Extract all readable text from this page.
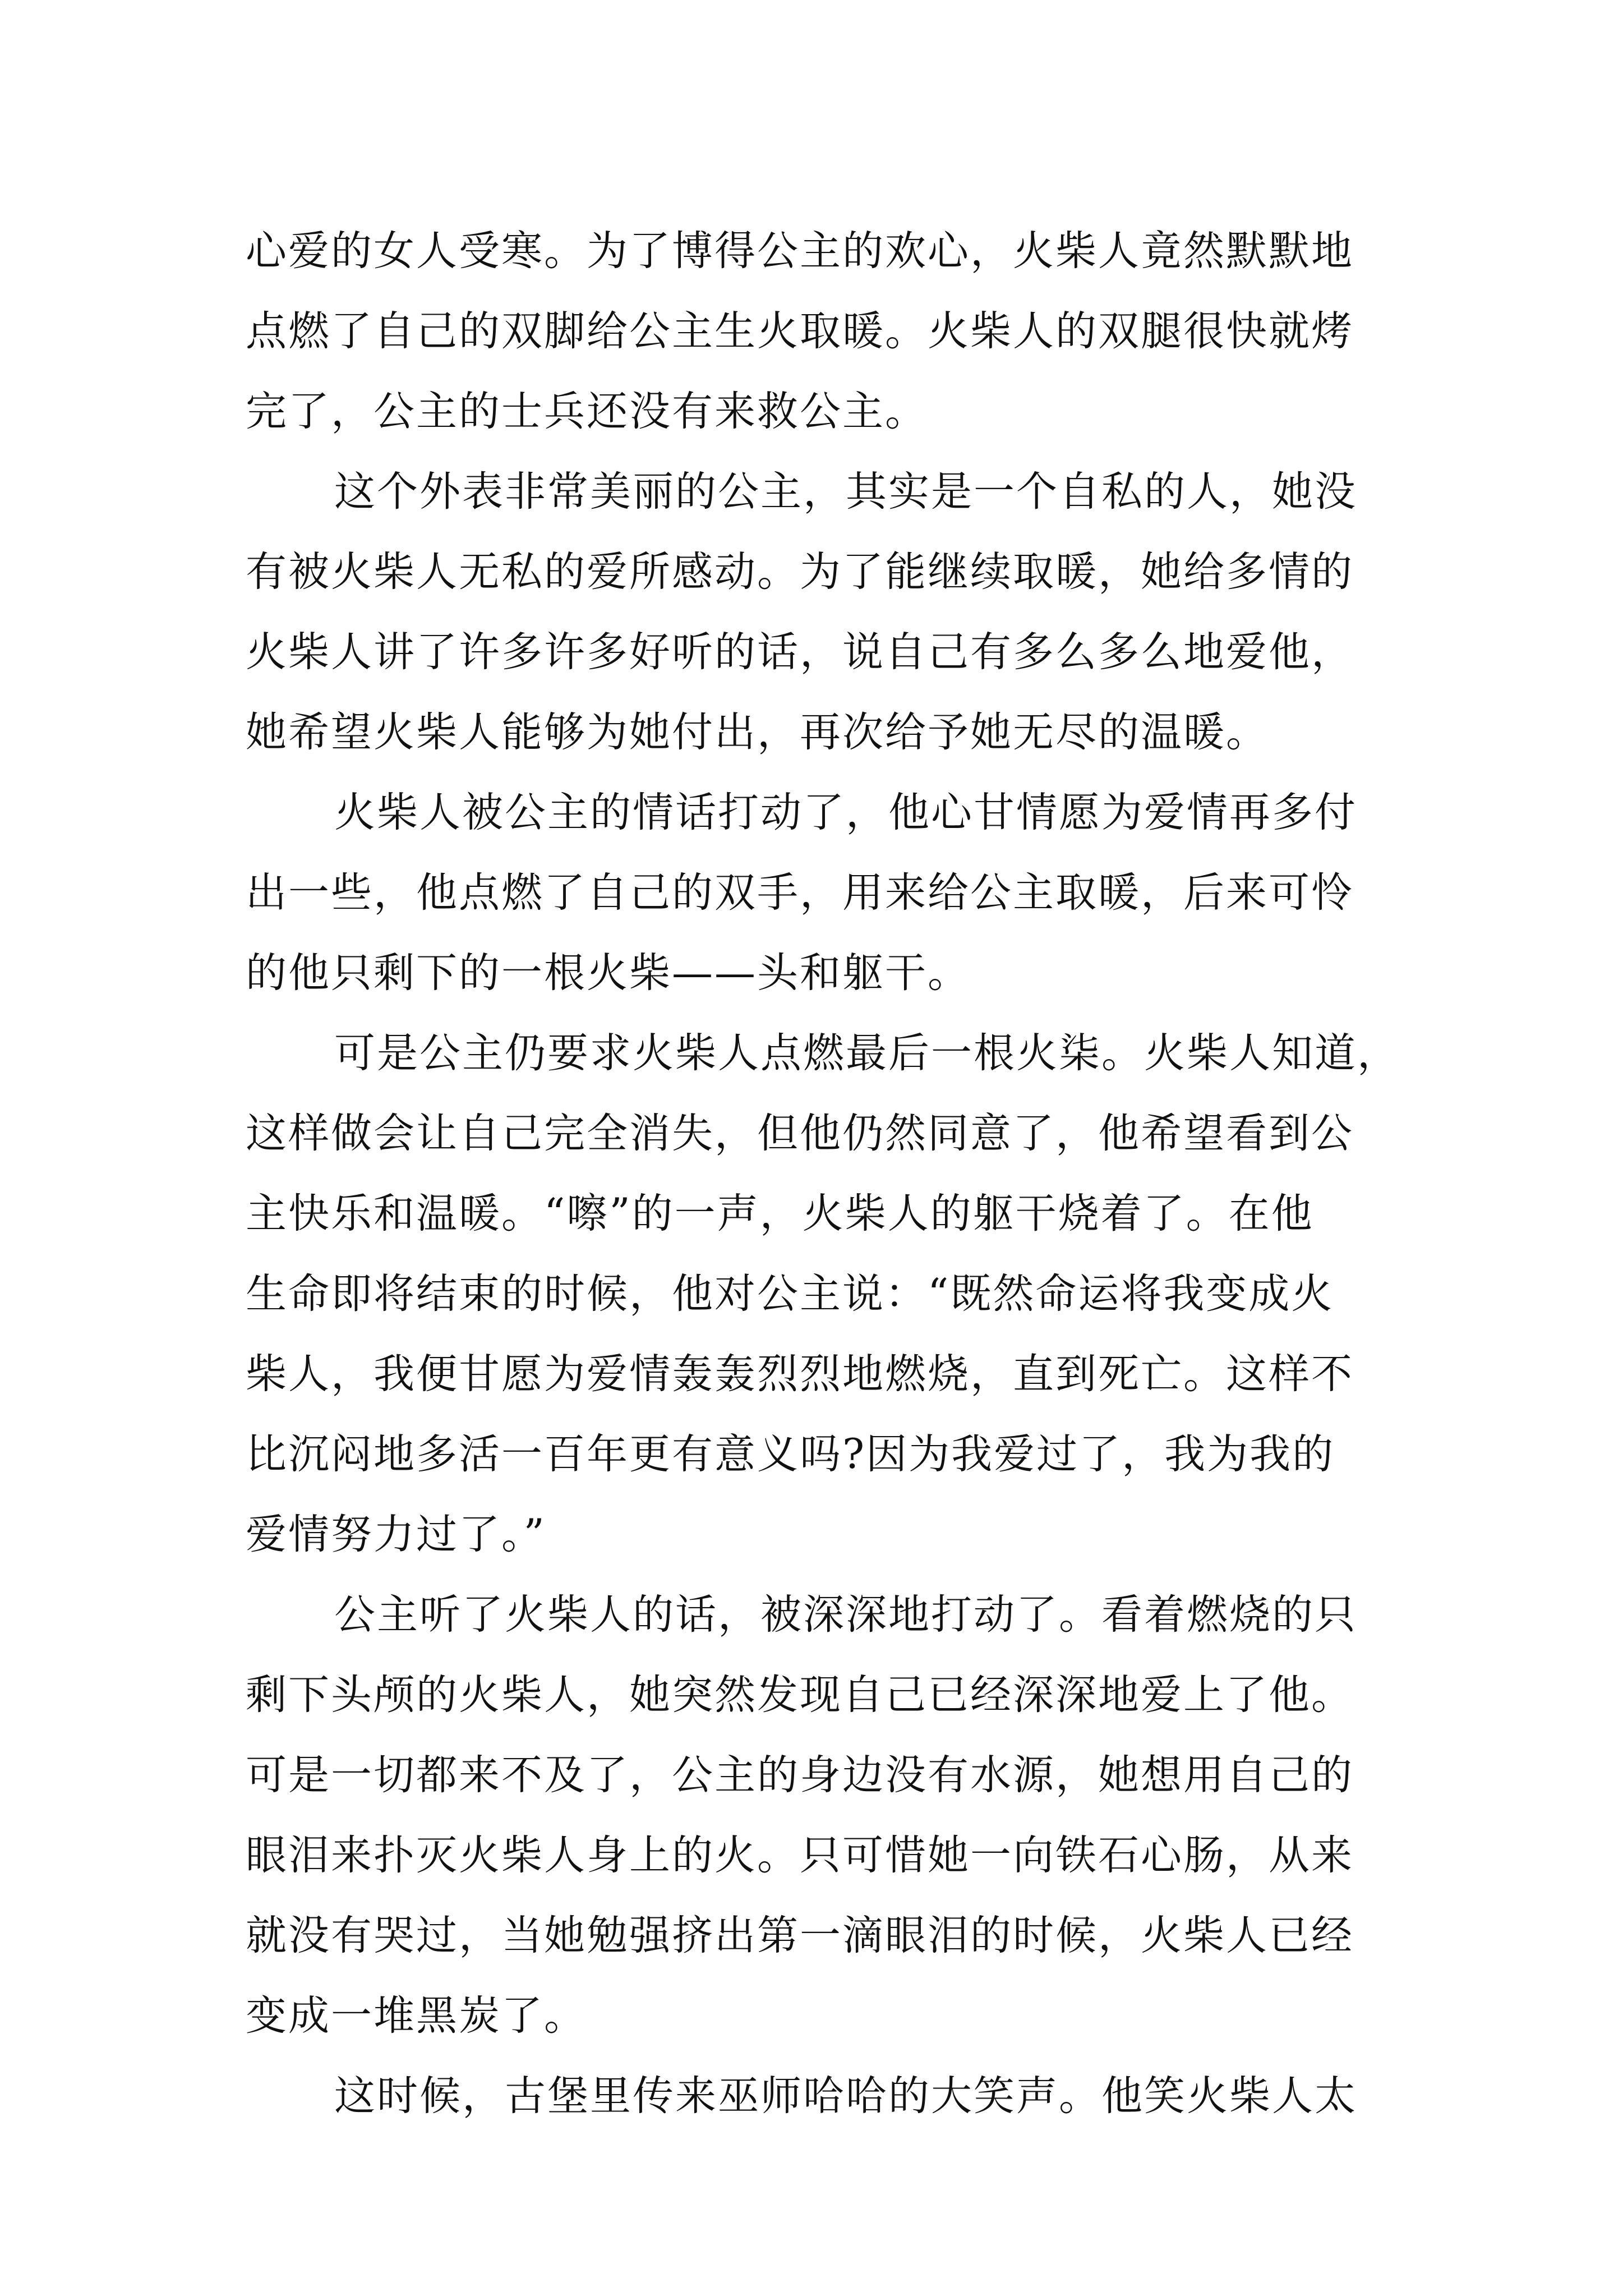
心爱的女人受寒。为了博得公主的欢心，火柴人竟然默默地
点燃了自己的双脚给公主生火取暖。火柴人的双腿很快就烤
完了，公主的士兵还没有来救公主。
这个外表非常美丽的公主，其实是一个自私的人，她没
有被火柴人无私的爱所感动。为了能继续取暖，她给多情的
火柴人讲了许多许多好听的话，说自己有多么多么地爱他，
她希望火柴人能够为她付出，再次给予她无尽的温暖。
火柴人被公主的情话打动了，他心甘情愿为爱情再多付
出一些，他点燃了自己的双手，用来给公主取暖，后来可怜
的他只剩下的一根火柴——头和躯干。
可是公主仍要求火柴人点燃最后一根火柒。火柴人知道，
这样做会让自己完全消失，但他仍然同意了，他希望看到公
主快乐和温暖。“嚓”的一声，火柴人的躯干烧着了。在他
生命即将结束的时候，他对公主说：“既然命运将我变成火
柴人，我便甘愿为爱情轰轰烈烈地燃烧，直到死亡。这样不
比沉闷地多活一百年更有意义吗?因为我爱过了，我为我的
爱情努力过了。”
公主听了火柴人的话，被深深地打动了。看着燃烧的只
剩下头颅的火柴人，她突然发现自己已经深深地爱上了他。
可是一切都来不及了，公主的身边没有水源，她想用自己的
眼泪来扑灭火柴人身上的火。只可惜她一向铁石心肠，从来
就没有哭过，当她勉强挤出第一滴眼泪的时候，火柴人已经
变成一堆黑炭了。
这时候，古堡里传来巫师哈哈的大笑声。他笑火柴人太
